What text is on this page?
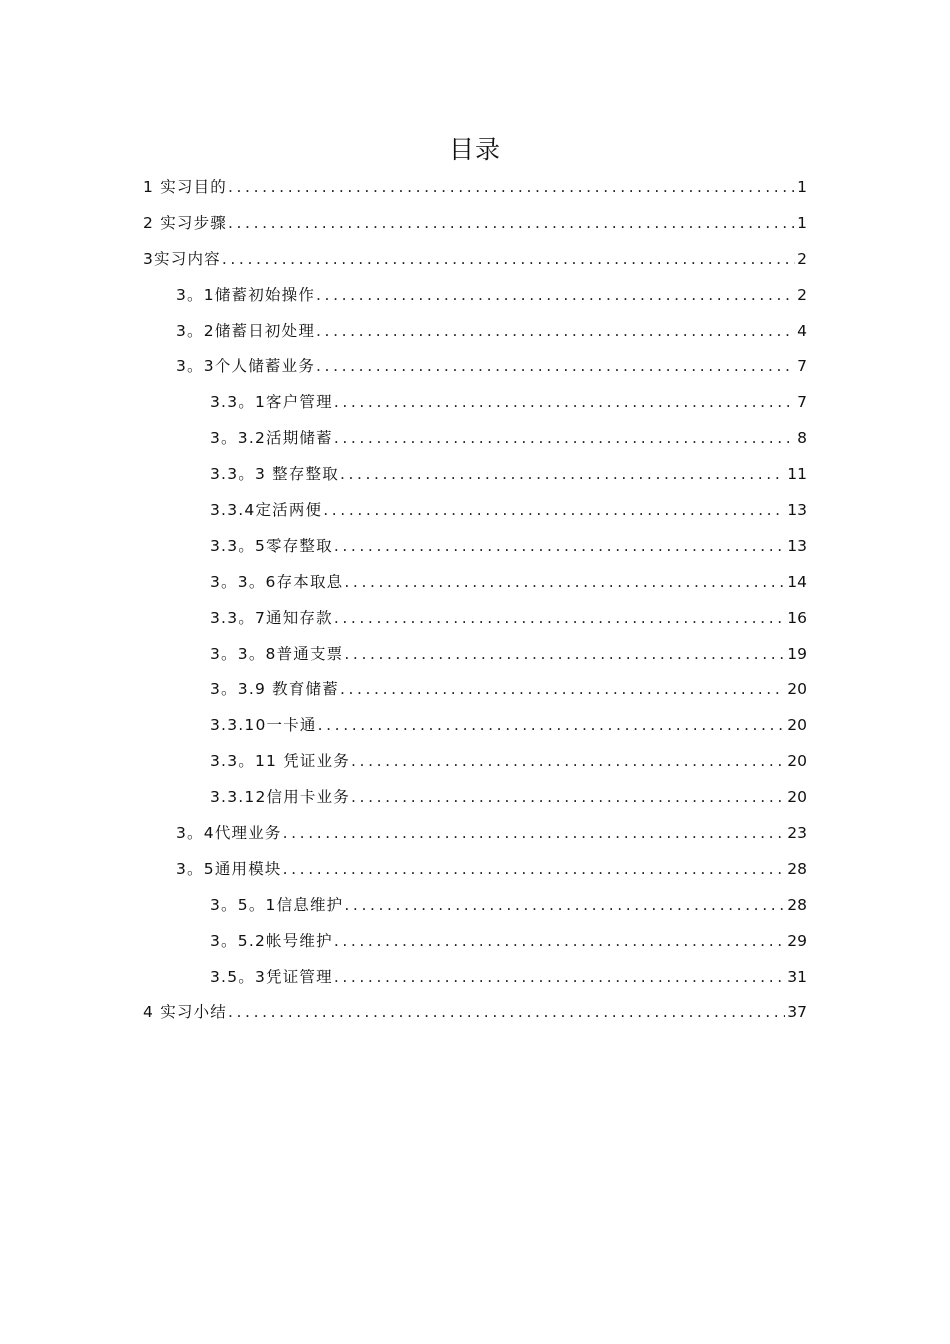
目录
1 实习目的 .....	1
2 实习步骤 .....	1
3实习内容 .....	2
3。1储蓄初始操作 .....	2
3。2储蓄日初处理 .....	4
3。3个人储蓄业务 .....	7
3.3。1客户管理 .....	7
3。3.2活期储蓄 .....	8
3.3。3 整存整取 .....	11
3.3.4定活两便 .....	13
3.3。5零存整取 .....	13
3。3。6存本取息 .....	14
3.3。7通知存款 .....	16
3。3。8普通支票 .....	19
3。3.9 教育储蓄 .....	20
3.3.10一卡通 .....	20
3.3。11 凭证业务 .....	20
3.3.12信用卡业务 .....	20
3。4代理业务 .....	23
3。5通用模块 .....	28
3。5。1信息维护 .....	28
3。5.2帐号维护 .....	29
3.5。3凭证管理 .....	31
4 实习小结 .....	37
